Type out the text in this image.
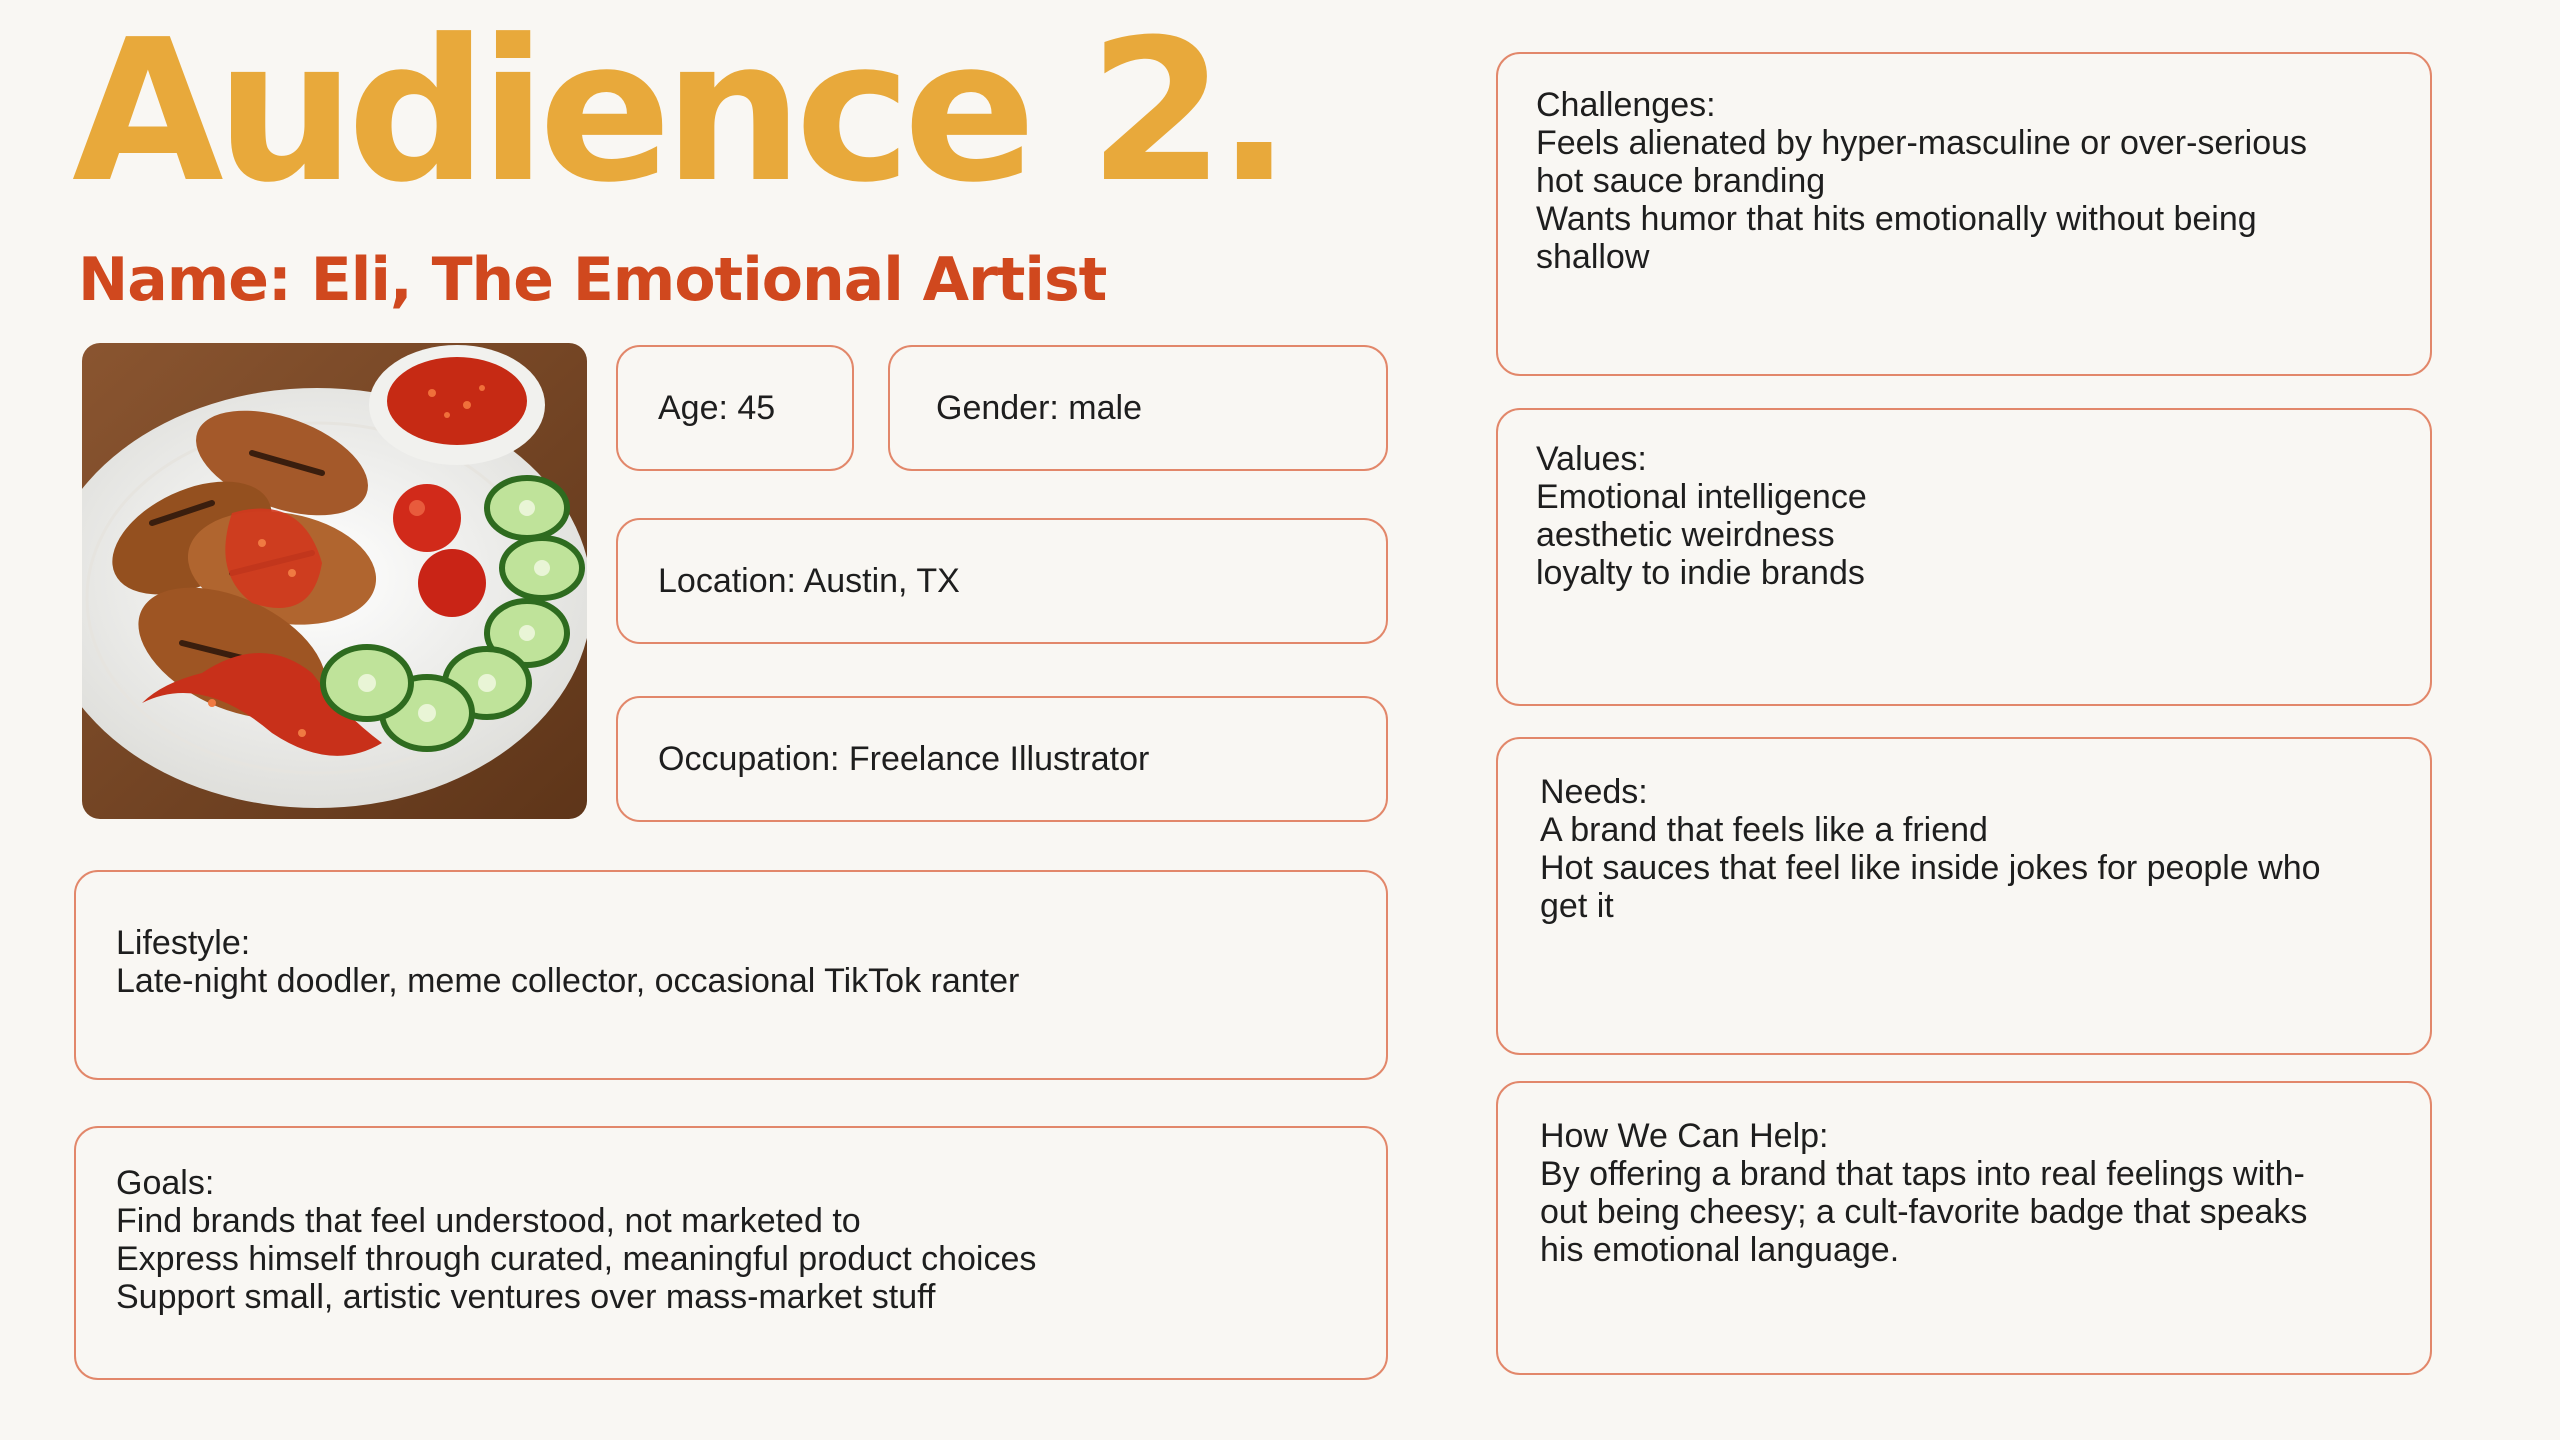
Audience 2.
Name: Eli, The Emotional Artist

Age: 45	Gender: male

Location: Austin, TX

Occupation: Freelance Illustrator

Lifestyle:

Late-night doodler, meme collector, occasional TikTok ranter

Goals:

Find brands that feel understood, not marketed to

Express himself through curated, meaningful product choices

Support small, artistic ventures over mass-market stuff

Challenges:

Feels alienated by hyper-masculine or over-serious

hot sauce branding

Wants humor that hits emotionally without being

shallow

Values:

Emotional intelligence

aesthetic weirdness

loyalty to indie brands

Needs:

A brand that feels like a friend

Hot sauces that feel like inside jokes for people who

get it

How We Can Help:

By offering a brand that taps into real feelings with-

out being cheesy; a cult-favorite badge that speaks

his emotional language.
